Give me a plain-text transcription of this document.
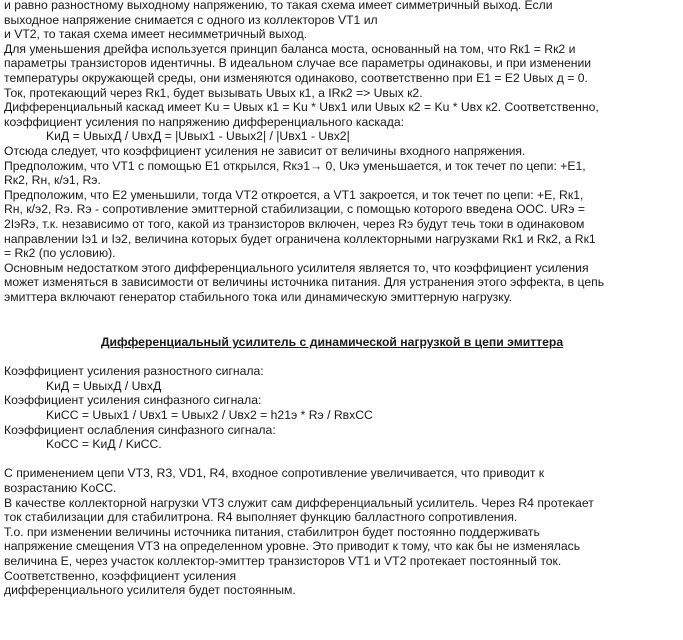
и равно разностному выходному напряжению, то такая схема имеет симметричный выход. Если
выходное напряжение снимается с одного из коллекторов VT1 ил
и VT2, то такая схема имеет несимметричный выход.
Для уменьшения дрейфа используется принцип баланса моста, основанный на том, что Rк1 = Rк2 и
параметры транзисторов идентичны. В идеальном случае все параметры одинаковы, и при изменении
температуры окружающей среды, они изменяются одинаково, соответственно при E1 = E2 Uвых д = 0.
Ток, протекающий через Rк1, будет вызывать Uвых к1, а IRк2 => Uвых к2.
Дифференциальный каскад имеет Ku = Uвых к1 = Ku * Uвх1 или Uвых к2 = Ku * Uвх к2. Соответственно,
коэффициент усиления по напряжению дифференциального каскада:
KиД = UвыхД / UвхД = |Uвых1 - Uвых2| / |Uвх1 - Uвх2|
Отсюда следует, что коэффициент усиления не зависит от величины входного напряжения.
Предположим, что VT1 с помощью E1 открылся, Rкэ1→ 0, Uкэ уменьшается, и ток течет по цепи: +E1,
Rк2, Rн, к/э1, Rэ.
Предположим, что E2 уменьшили, тогда VT2 откроется, а VT1 закроется, и ток течет по цепи: +E, Rк1,
Rн, к/э2, Rэ. Rэ - сопротивление эмиттерной стабилизации, с помощью которого введена ООС. URэ =
2IэRэ, т.к. независимо от того, какой из транзисторов включен, через Rэ будут течь токи в одинаковом
направлении Iэ1 и Iэ2, величина которых будет ограничена коллекторными нагрузками Rк1 и Rк2, а Rк1
= Rк2 (по условию).
Основным недостатком этого дифференциального усилителя является то, что коэффициент усиления
может изменяться в зависимости от величины источника питания. Для устранения этого эффекта, в цепь
эмиттера включают генератор стабильного тока или динамическую эмиттерную нагрузку.
Дифференциальный усилитель с динамической нагрузкой в цепи эмиттера
Коэффициент усиления разностного сигнала:
KиД = UвыхД / UвхД
Коэффициент усиления синфазного сигнала:
KиCC = Uвых1 / Uвх1 = Uвых2 / Uвх2 = h21э * Rэ / RвхCC
Коэффициент ослабления синфазного сигнала:
KоCC = KиД / KиCC.
С применением цепи VT3, R3, VD1, R4, входное сопротивление увеличивается, что приводит к
возрастанию KоCC.
В качестве коллекторной нагрузки VT3 служит сам дифференциальный усилитель. Через R4 протекает
ток стабилизации для стабилитрона. R4 выполняет функцию балластного сопротивления.
Т.о. при изменении величины источника питания, стабилитрон будет постоянно поддерживать
напряжение смещения VT3 на определенном уровне. Это приводит к тому, что как бы не изменялась
величина E, через участок коллектор-эмиттер транзисторов VT1 и VT2 протекает постоянный ток.
Соответственно, коэффициент усиления
дифференциального усилителя будет постоянным.
